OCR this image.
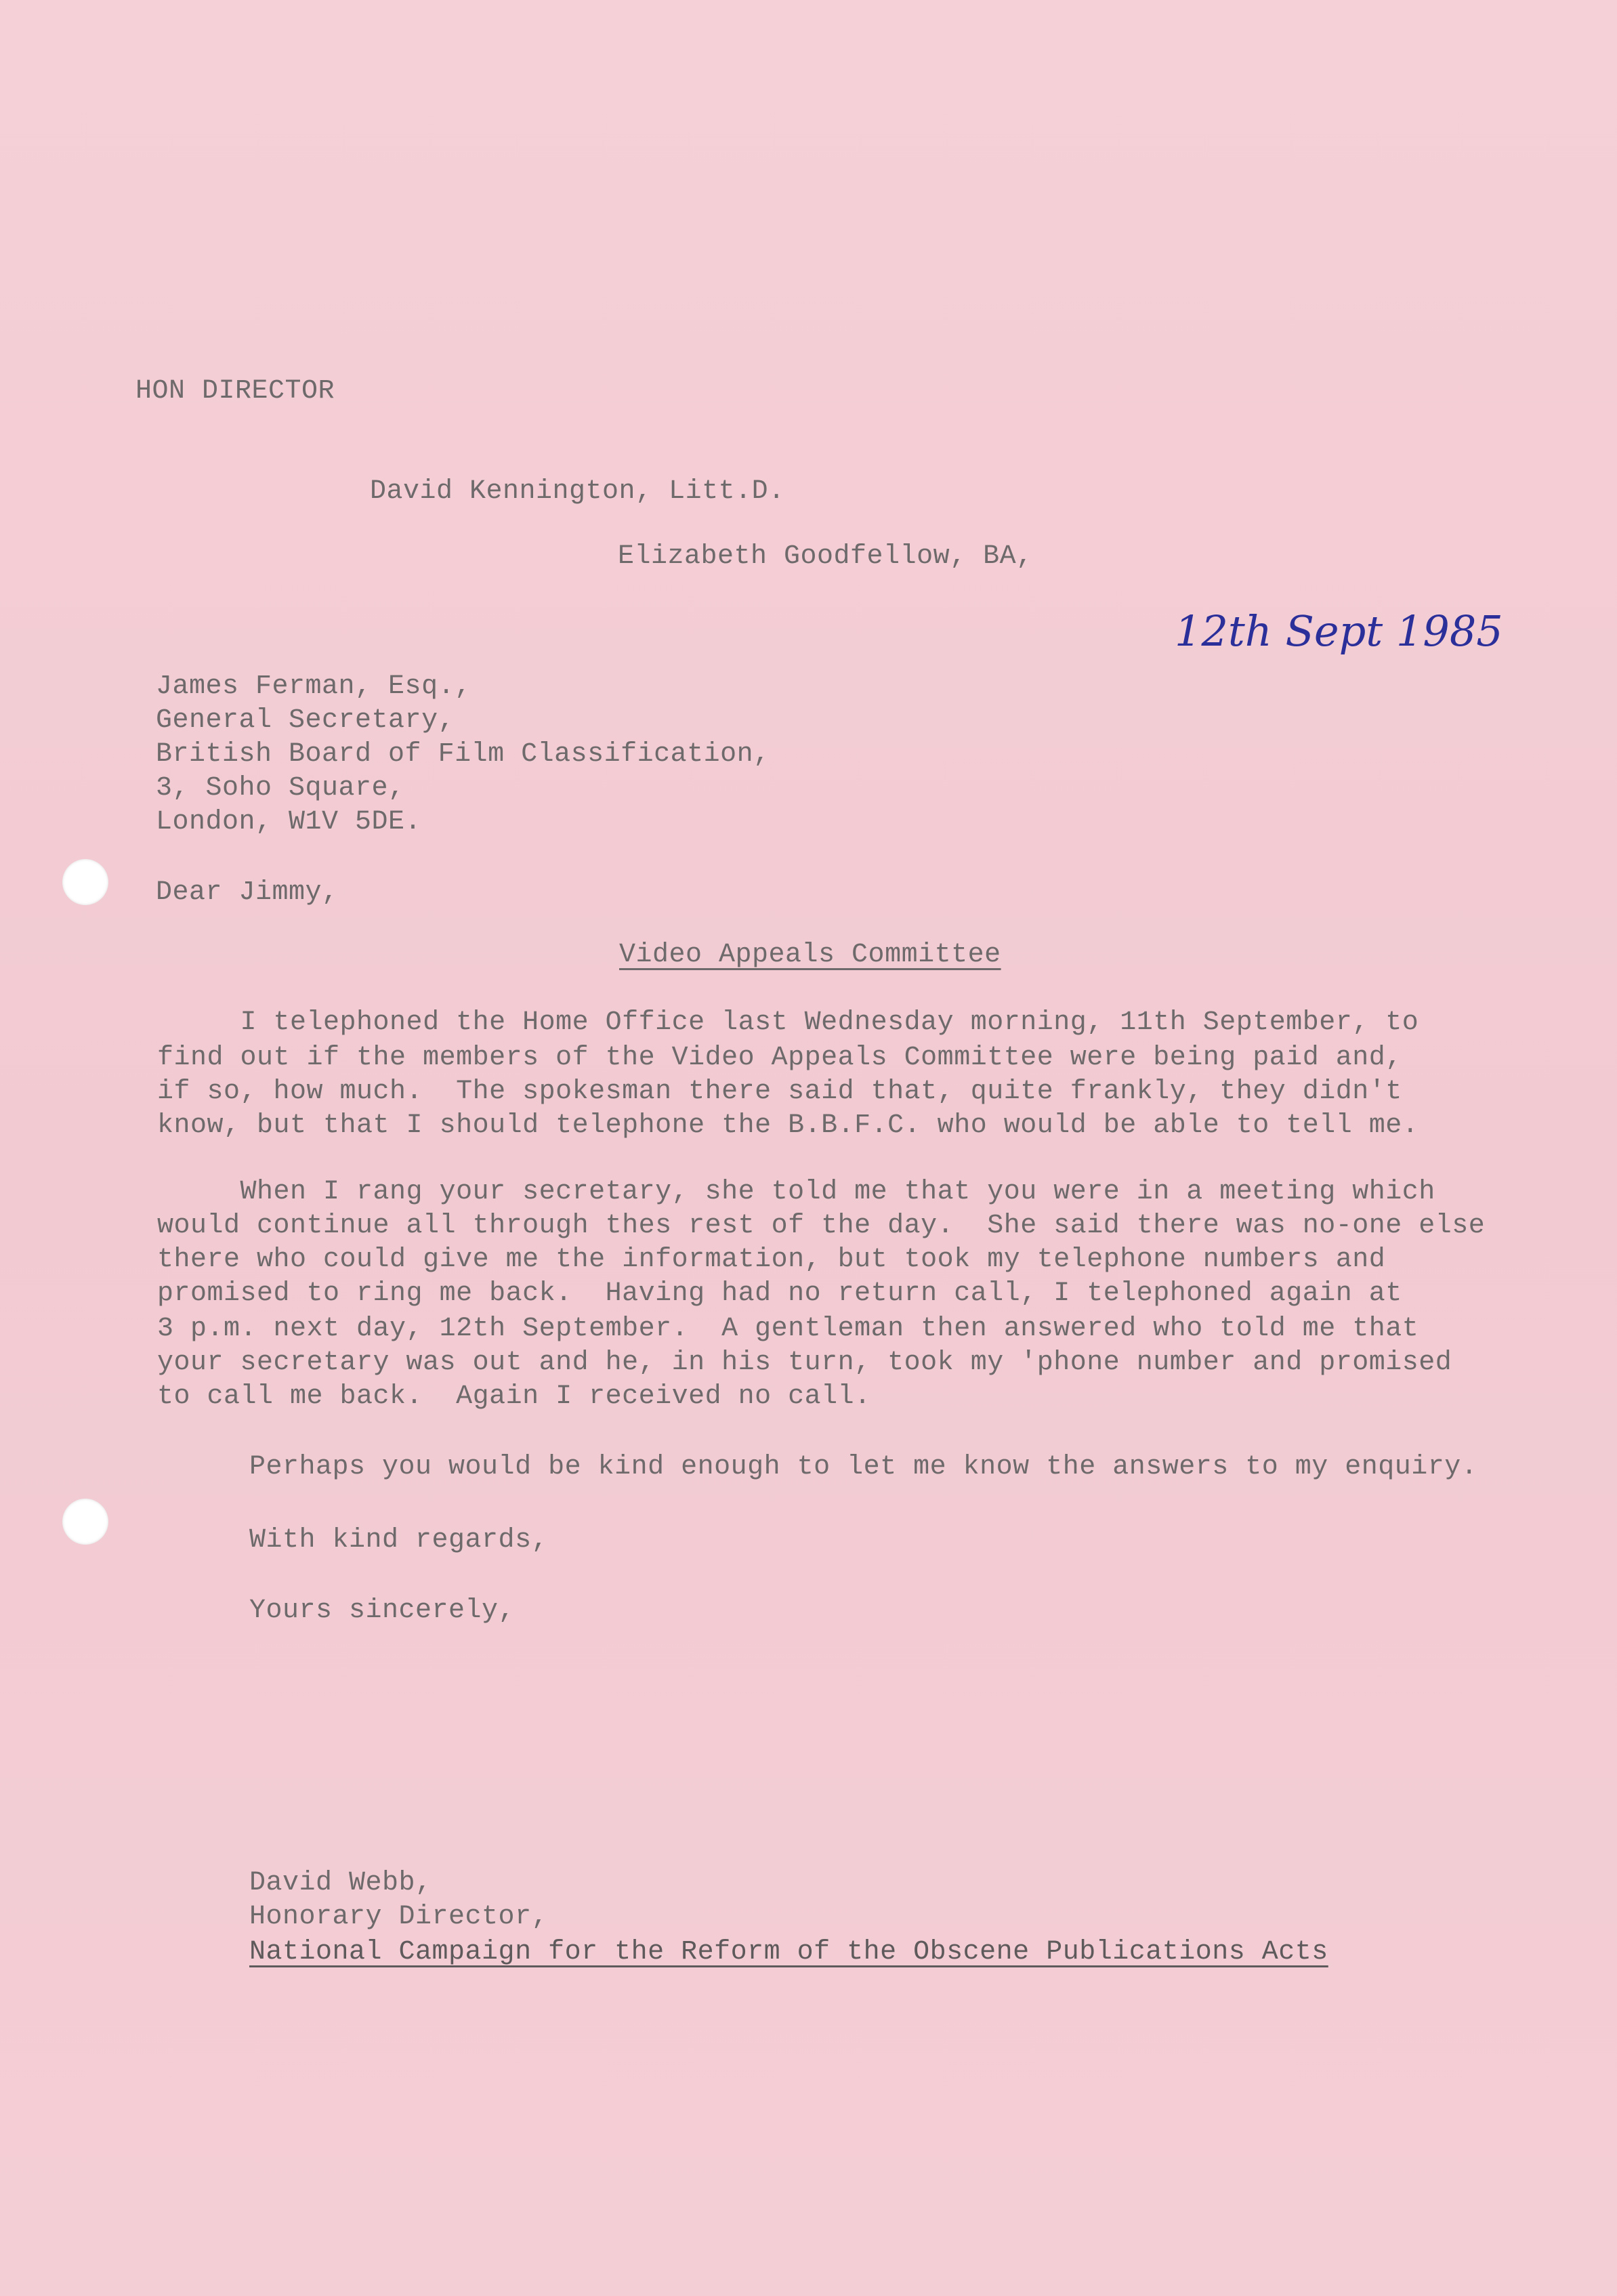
HON DIRECTOR
David Kennington, Litt.D.
Elizabeth Goodfellow, BA,
12th Sept 1985
James Ferman, Esq.,
General Secretary,
British Board of Film Classification,
3, Soho Square,
London, W1V 5DE.
Dear Jimmy,
Video Appeals Committee
I telephoned the Home Office last Wednesday morning, 11th September, to
find out if the members of the Video Appeals Committee were being paid and,
if so, how much.  The spokesman there said that, quite frankly, they didn't
know, but that I should telephone the B.B.F.C. who would be able to tell me.
When I rang your secretary, she told me that you were in a meeting which
would continue all through thes rest of the day.  She said there was no-one else
there who could give me the information, but took my telephone numbers and
promised to ring me back.  Having had no return call, I telephoned again at
3 p.m. next day, 12th September.  A gentleman then answered who told me that
your secretary was out and he, in his turn, took my 'phone number and promised
to call me back.  Again I received no call.
Perhaps you would be kind enough to let me know the answers to my enquiry.
With kind regards,
Yours sincerely,
David Webb,
Honorary Director,
National Campaign for the Reform of the Obscene Publications Acts
